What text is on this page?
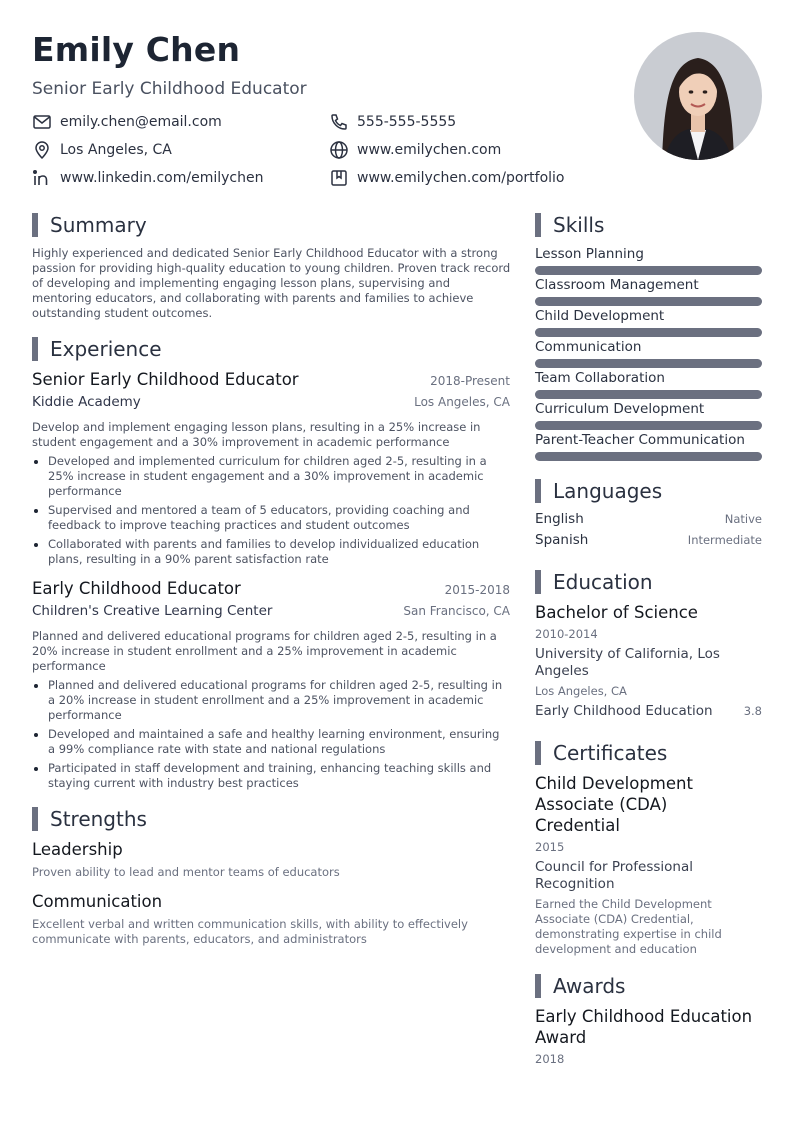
Emily Chen
Senior Early Childhood Educator
emily.chen@email.com	555-555-5555
Los Angeles, CA	www.emilychen.com
www.linkedin.com/emilychen	www.emilychen.com/portfolio
Summary
Highly experienced and dedicated Senior Early Childhood Educator with a strong passion for providing high-quality education to young children. Proven track record of developing and implementing engaging lesson plans, supervising and mentoring educators, and collaborating with parents and families to achieve outstanding student outcomes.
Experience
Senior Early Childhood Educator	2018-Present
Kiddie Academy	Los Angeles, CA
Develop and implement engaging lesson plans, resulting in a 25% increase in student engagement and a 30% improvement in academic performance
Developed and implemented curriculum for children aged 2-5, resulting in a 25% increase in student engagement and a 30% improvement in academic performance
Supervised and mentored a team of 5 educators, providing coaching and feedback to improve teaching practices and student outcomes
Collaborated with parents and families to develop individualized education plans, resulting in a 90% parent satisfaction rate
Early Childhood Educator	2015-2018
Children's Creative Learning Center	San Francisco, CA
Planned and delivered educational programs for children aged 2-5, resulting in a 20% increase in student enrollment and a 25% improvement in academic performance
Planned and delivered educational programs for children aged 2-5, resulting in a 20% increase in student enrollment and a 25% improvement in academic performance
Developed and maintained a safe and healthy learning environment, ensuring a 99% compliance rate with state and national regulations
Participated in staff development and training, enhancing teaching skills and staying current with industry best practices
Strengths
Leadership
Proven ability to lead and mentor teams of educators
Communication
Excellent verbal and written communication skills, with ability to effectively communicate with parents, educators, and administrators
Skills
Lesson Planning
Classroom Management
Child Development
Communication
Team Collaboration
Curriculum Development
Parent-Teacher Communication
Languages
English	Native
Spanish	Intermediate
Education
Bachelor of Science
2010-2014
University of California, Los Angeles
Los Angeles, CA
Early Childhood Education	3.8
Certificates
Child Development Associate (CDA) Credential
2015
Council for Professional Recognition
Earned the Child Development Associate (CDA) Credential, demonstrating expertise in child development and education
Awards
Early Childhood Education Award
2018
